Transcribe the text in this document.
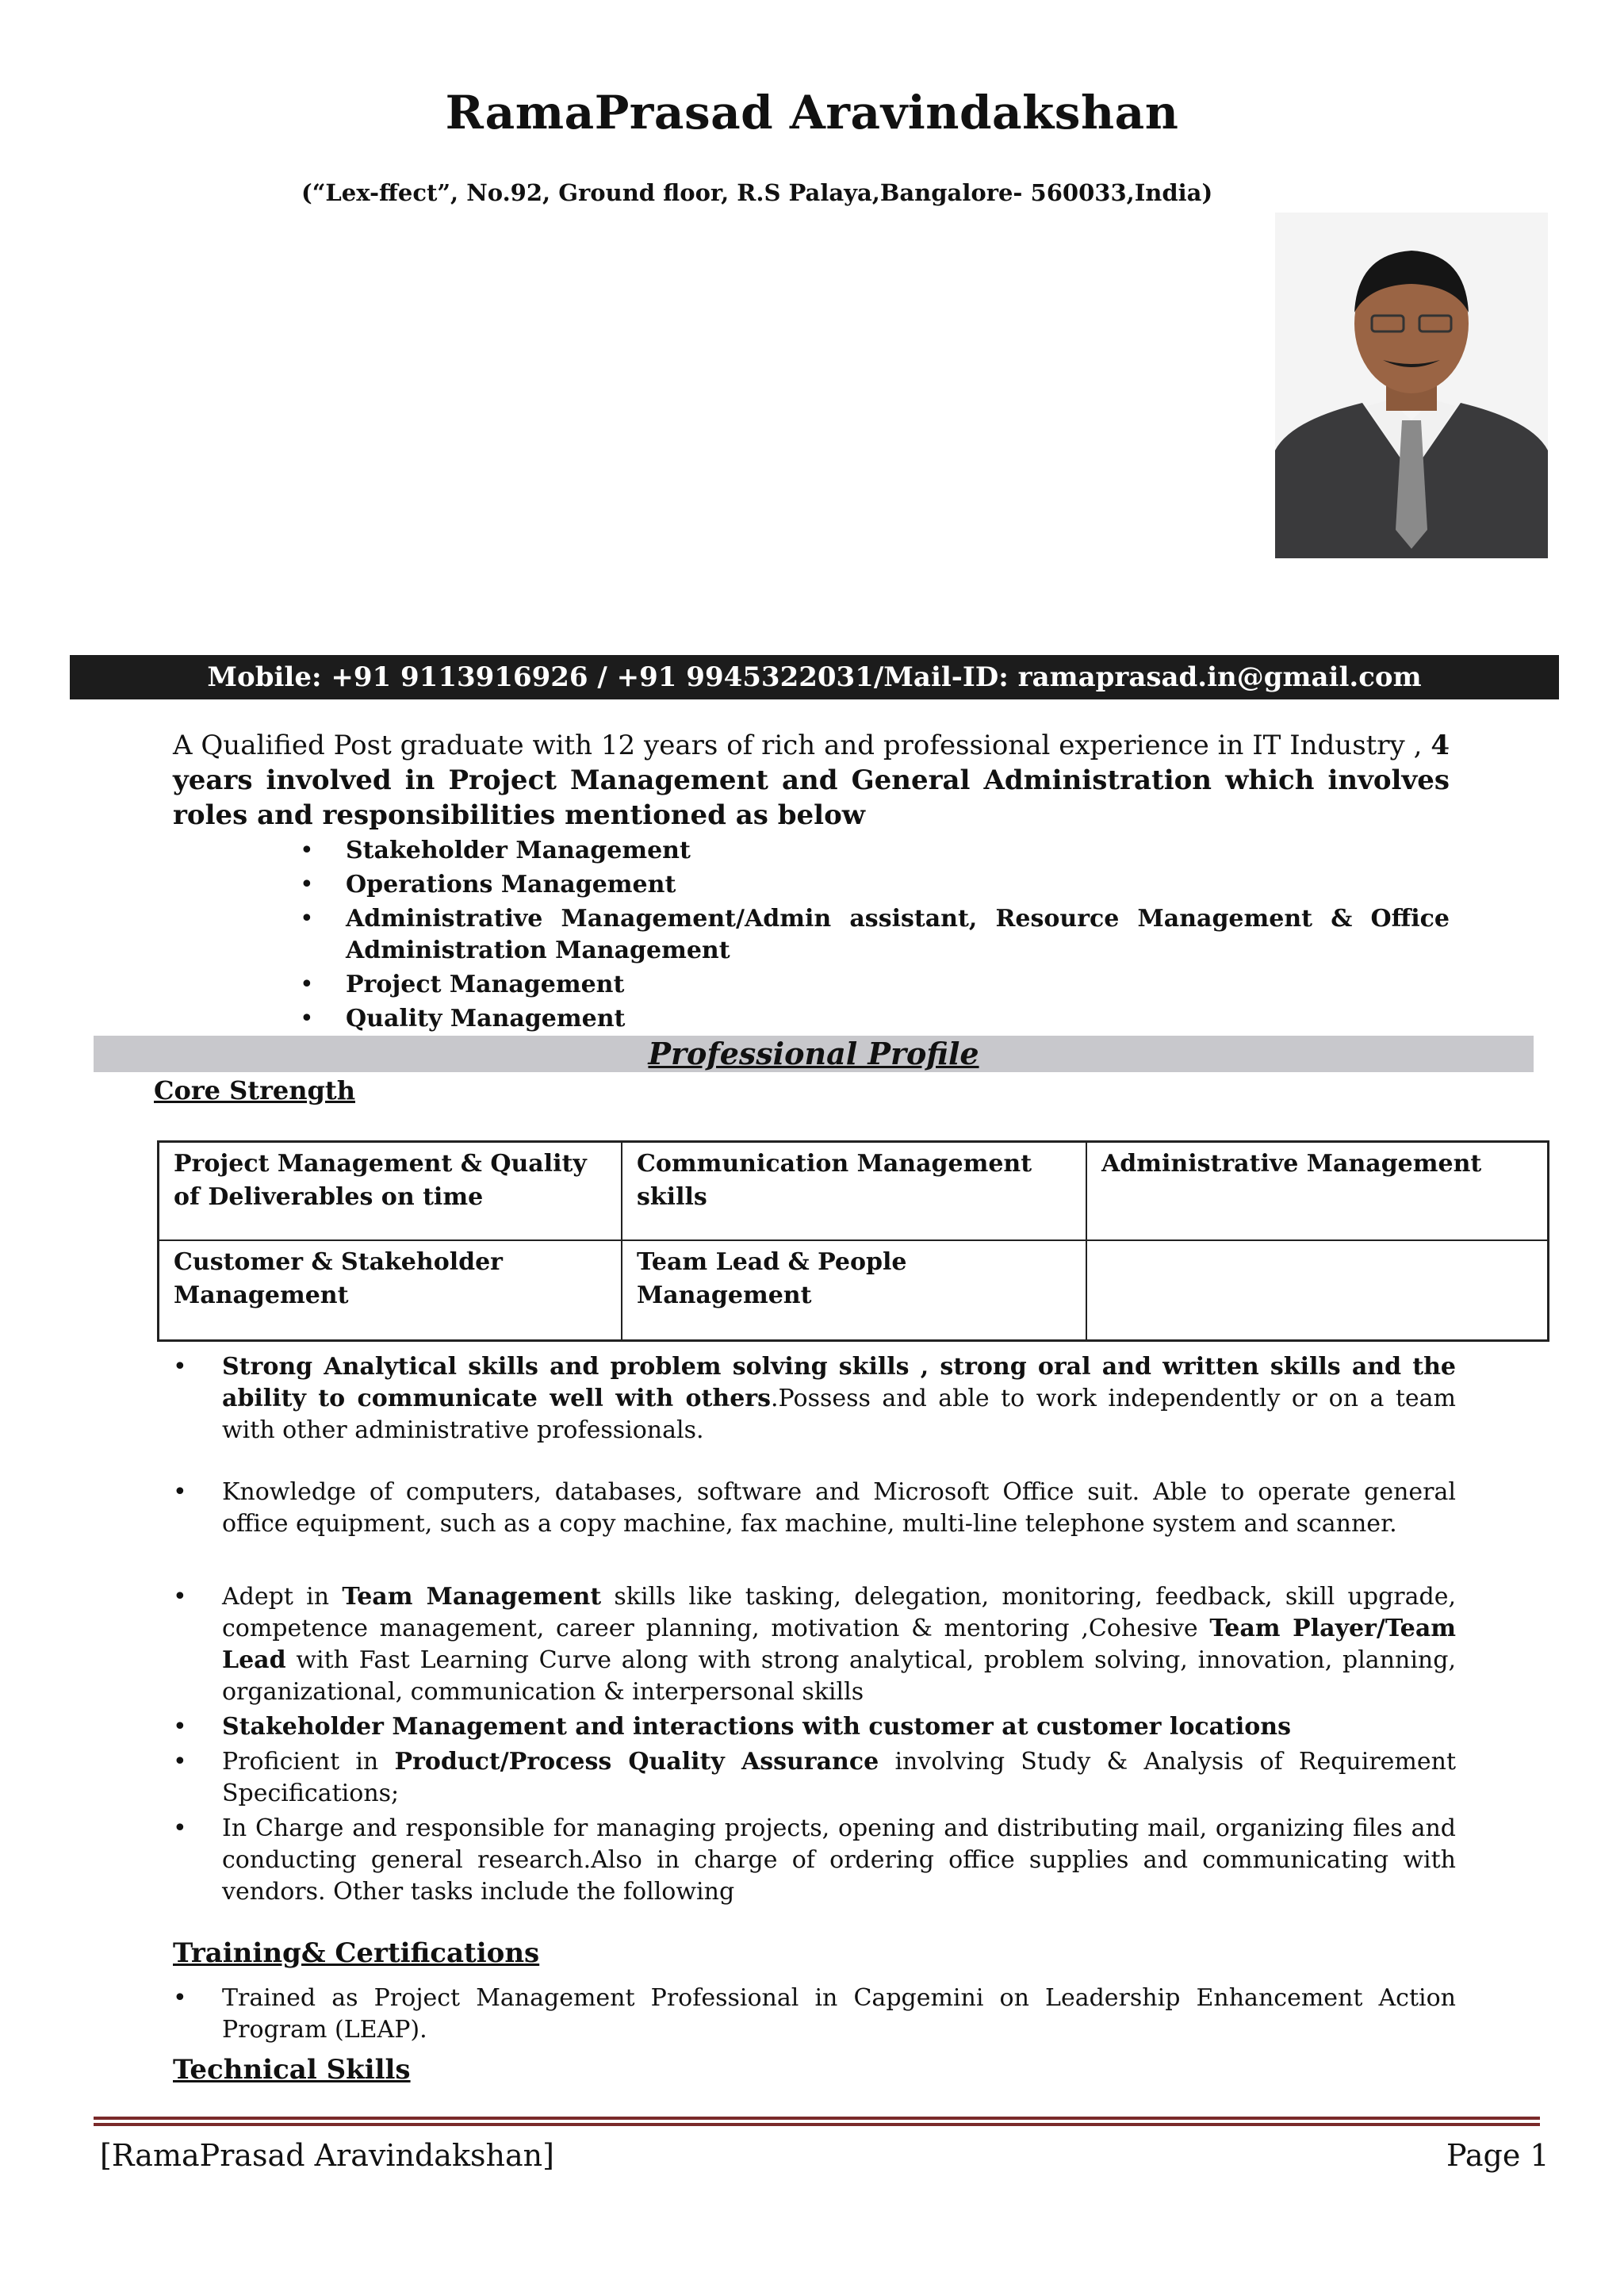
RamaPrasad Aravindakshan
(“Lex-ffect”, No.92, Ground floor, R.S Palaya,Bangalore- 560033,India)
Mobile: +91 9113916926 / +91 9945322031/Mail-ID: ramaprasad.in@gmail.com
A Qualified Post graduate with 12 years of rich and professional experience in IT Industry , 4 years involved in Project Management and General Administration which involves roles and responsibilities mentioned as below
• Stakeholder Management
• Operations Management
• Administrative Management/Admin assistant, Resource Management & Office Administration Management
• Project Management
• Quality Management
Professional Profile
Core Strength
Project Management & Quality of Deliverables on time
Communication Management skills
Administrative Management
Customer & Stakeholder Management
Team Lead & People Management
• Strong Analytical skills and problem solving skills , strong oral and written skills and the ability to communicate well with others.Possess and able to work independently or on a team with other administrative professionals.
• Knowledge of computers, databases, software and Microsoft Office suit. Able to operate general office equipment, such as a copy machine, fax machine, multi-line telephone system and scanner.
• Adept in Team Management skills like tasking, delegation, monitoring, feedback, skill upgrade, competence management, career planning, motivation & mentoring ,Cohesive Team Player/Team Lead with Fast Learning Curve along with strong analytical, problem solving, innovation, planning, organizational, communication & interpersonal skills
• Stakeholder Management and interactions with customer at customer locations
• Proficient in Product/Process Quality Assurance involving Study & Analysis of Requirement Specifications;
• In Charge and responsible for managing projects, opening and distributing mail, organizing files and conducting general research.Also in charge of ordering office supplies and communicating with vendors. Other tasks include the following
Training& Certifications
• Trained as Project Management Professional in Capgemini on Leadership Enhancement Action Program (LEAP).
Technical Skills
[RamaPrasad Aravindakshan]	Page 1
